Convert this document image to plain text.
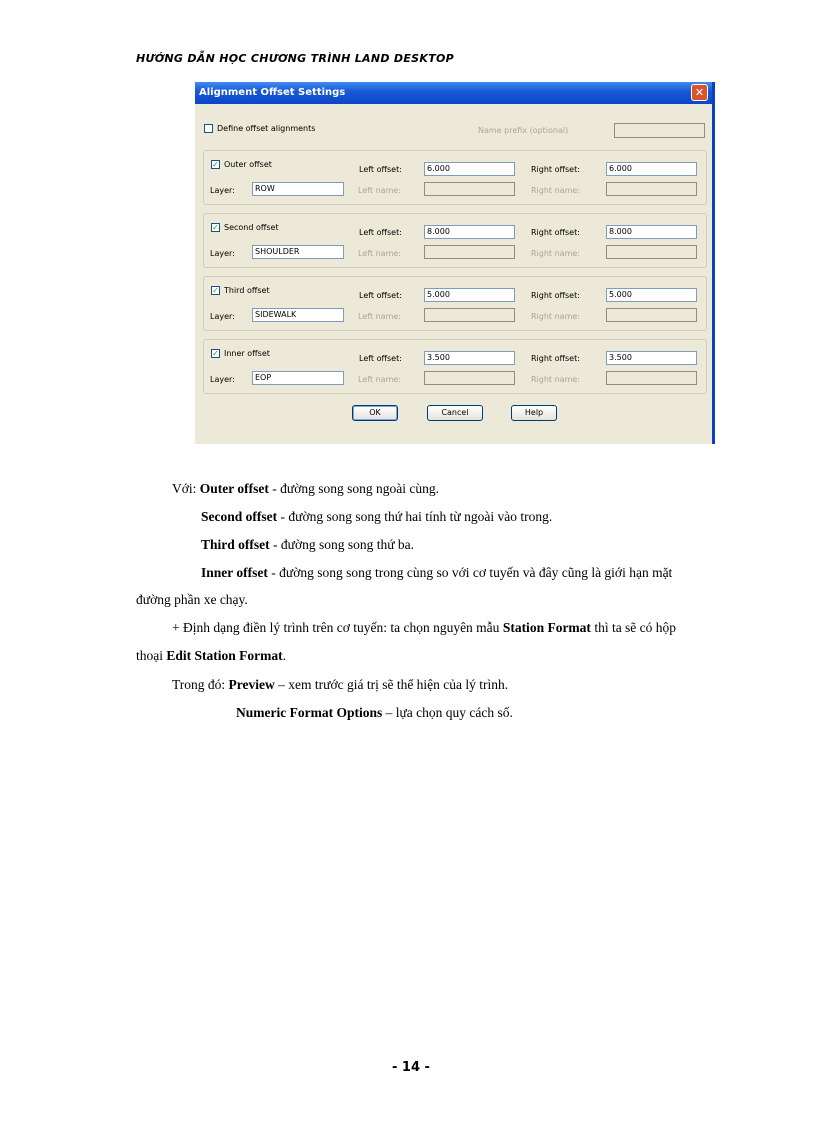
HƯỚNG DẪN HỌC CHƯƠNG TRÌNH LAND DESKTOP
Alignment Offset Settings	✕
Define offset alignments	Name prefix (optional)
✓ Outer offset
Left offset:	6.000	Right offset:	6.000
Layer:	ROW	Left name:	Right name:
✓ Second offset
Left offset:	8.000	Right offset:	8.000
Layer:	SHOULDER	Left name:	Right name:
✓ Third offset
Left offset:	5.000	Right offset:	5.000
Layer:	SIDEWALK	Left name:	Right name:
✓ Inner offset
Left offset:	3.500	Right offset:	3.500
Layer:	EOP	Left name:	Right name:
OK	Cancel	Help
Với: Outer offset - đường song song ngoài cùng.
Second offset - đường song song thứ hai tính từ ngoài vào trong.
Third offset - đường song song thứ ba.
Inner offset - đường song song trong cùng so với cơ tuyến và đây cũng là giới hạn mặt
đường phần xe chạy.
+ Định dạng điền lý trình trên cơ tuyến: ta chọn nguyên mẫu Station Format thì ta sẽ có hộp
thoại Edit Station Format.
Trong đó: Preview – xem trước giá trị sẽ thể hiện của lý trình.
Numeric Format Options – lựa chọn quy cách số.
- 14 -
